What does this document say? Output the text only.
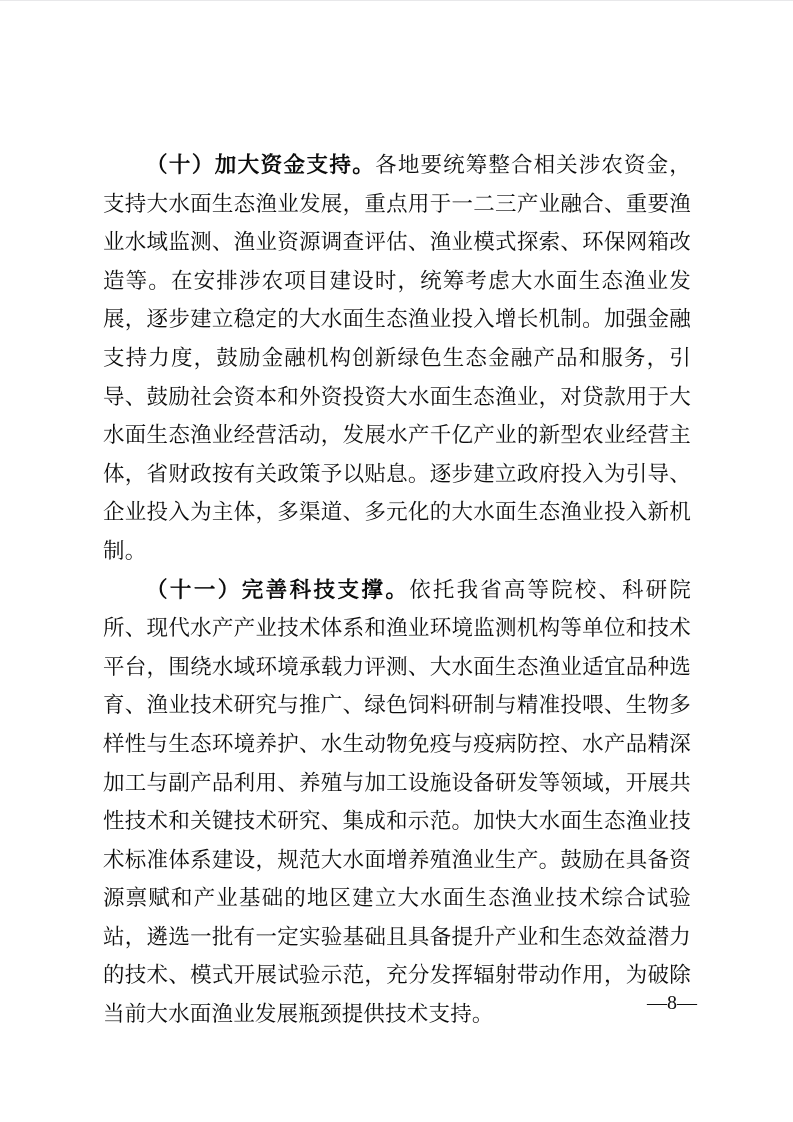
（十）加大资金支持。各地要统筹整合相关涉农资金，支持大水面生态渔业发展，重点用于一二三产业融合、重要渔业水域监测、渔业资源调查评估、渔业模式探索、环保网箱改造等。在安排涉农项目建设时，统筹考虑大水面生态渔业发展，逐步建立稳定的大水面生态渔业投入增长机制。加强金融支持力度，鼓励金融机构创新绿色生态金融产品和服务，引导、鼓励社会资本和外资投资大水面生态渔业，对贷款用于大水面生态渔业经营活动，发展水产千亿产业的新型农业经营主体，省财政按有关政策予以贴息。逐步建立政府投入为引导、企业投入为主体，多渠道、多元化的大水面生态渔业投入新机制。

（十一）完善科技支撑。依托我省高等院校、科研院所、现代水产产业技术体系和渔业环境监测机构等单位和技术平台，围绕水域环境承载力评测、大水面生态渔业适宜品种选育、渔业技术研究与推广、绿色饲料研制与精准投喂、生物多样性与生态环境养护、水生动物免疫与疫病防控、水产品精深加工与副产品利用、养殖与加工设施设备研发等领域，开展共性技术和关键技术研究、集成和示范。加快大水面生态渔业技术标准体系建设，规范大水面增养殖渔业生产。鼓励在具备资源禀赋和产业基础的地区建立大水面生态渔业技术综合试验站，遴选一批有一定实验基础且具备提升产业和生态效益潜力的技术、模式开展试验示范，充分发挥辐射带动作用，为破除当前大水面渔业发展瓶颈提供技术支持。	—8—
